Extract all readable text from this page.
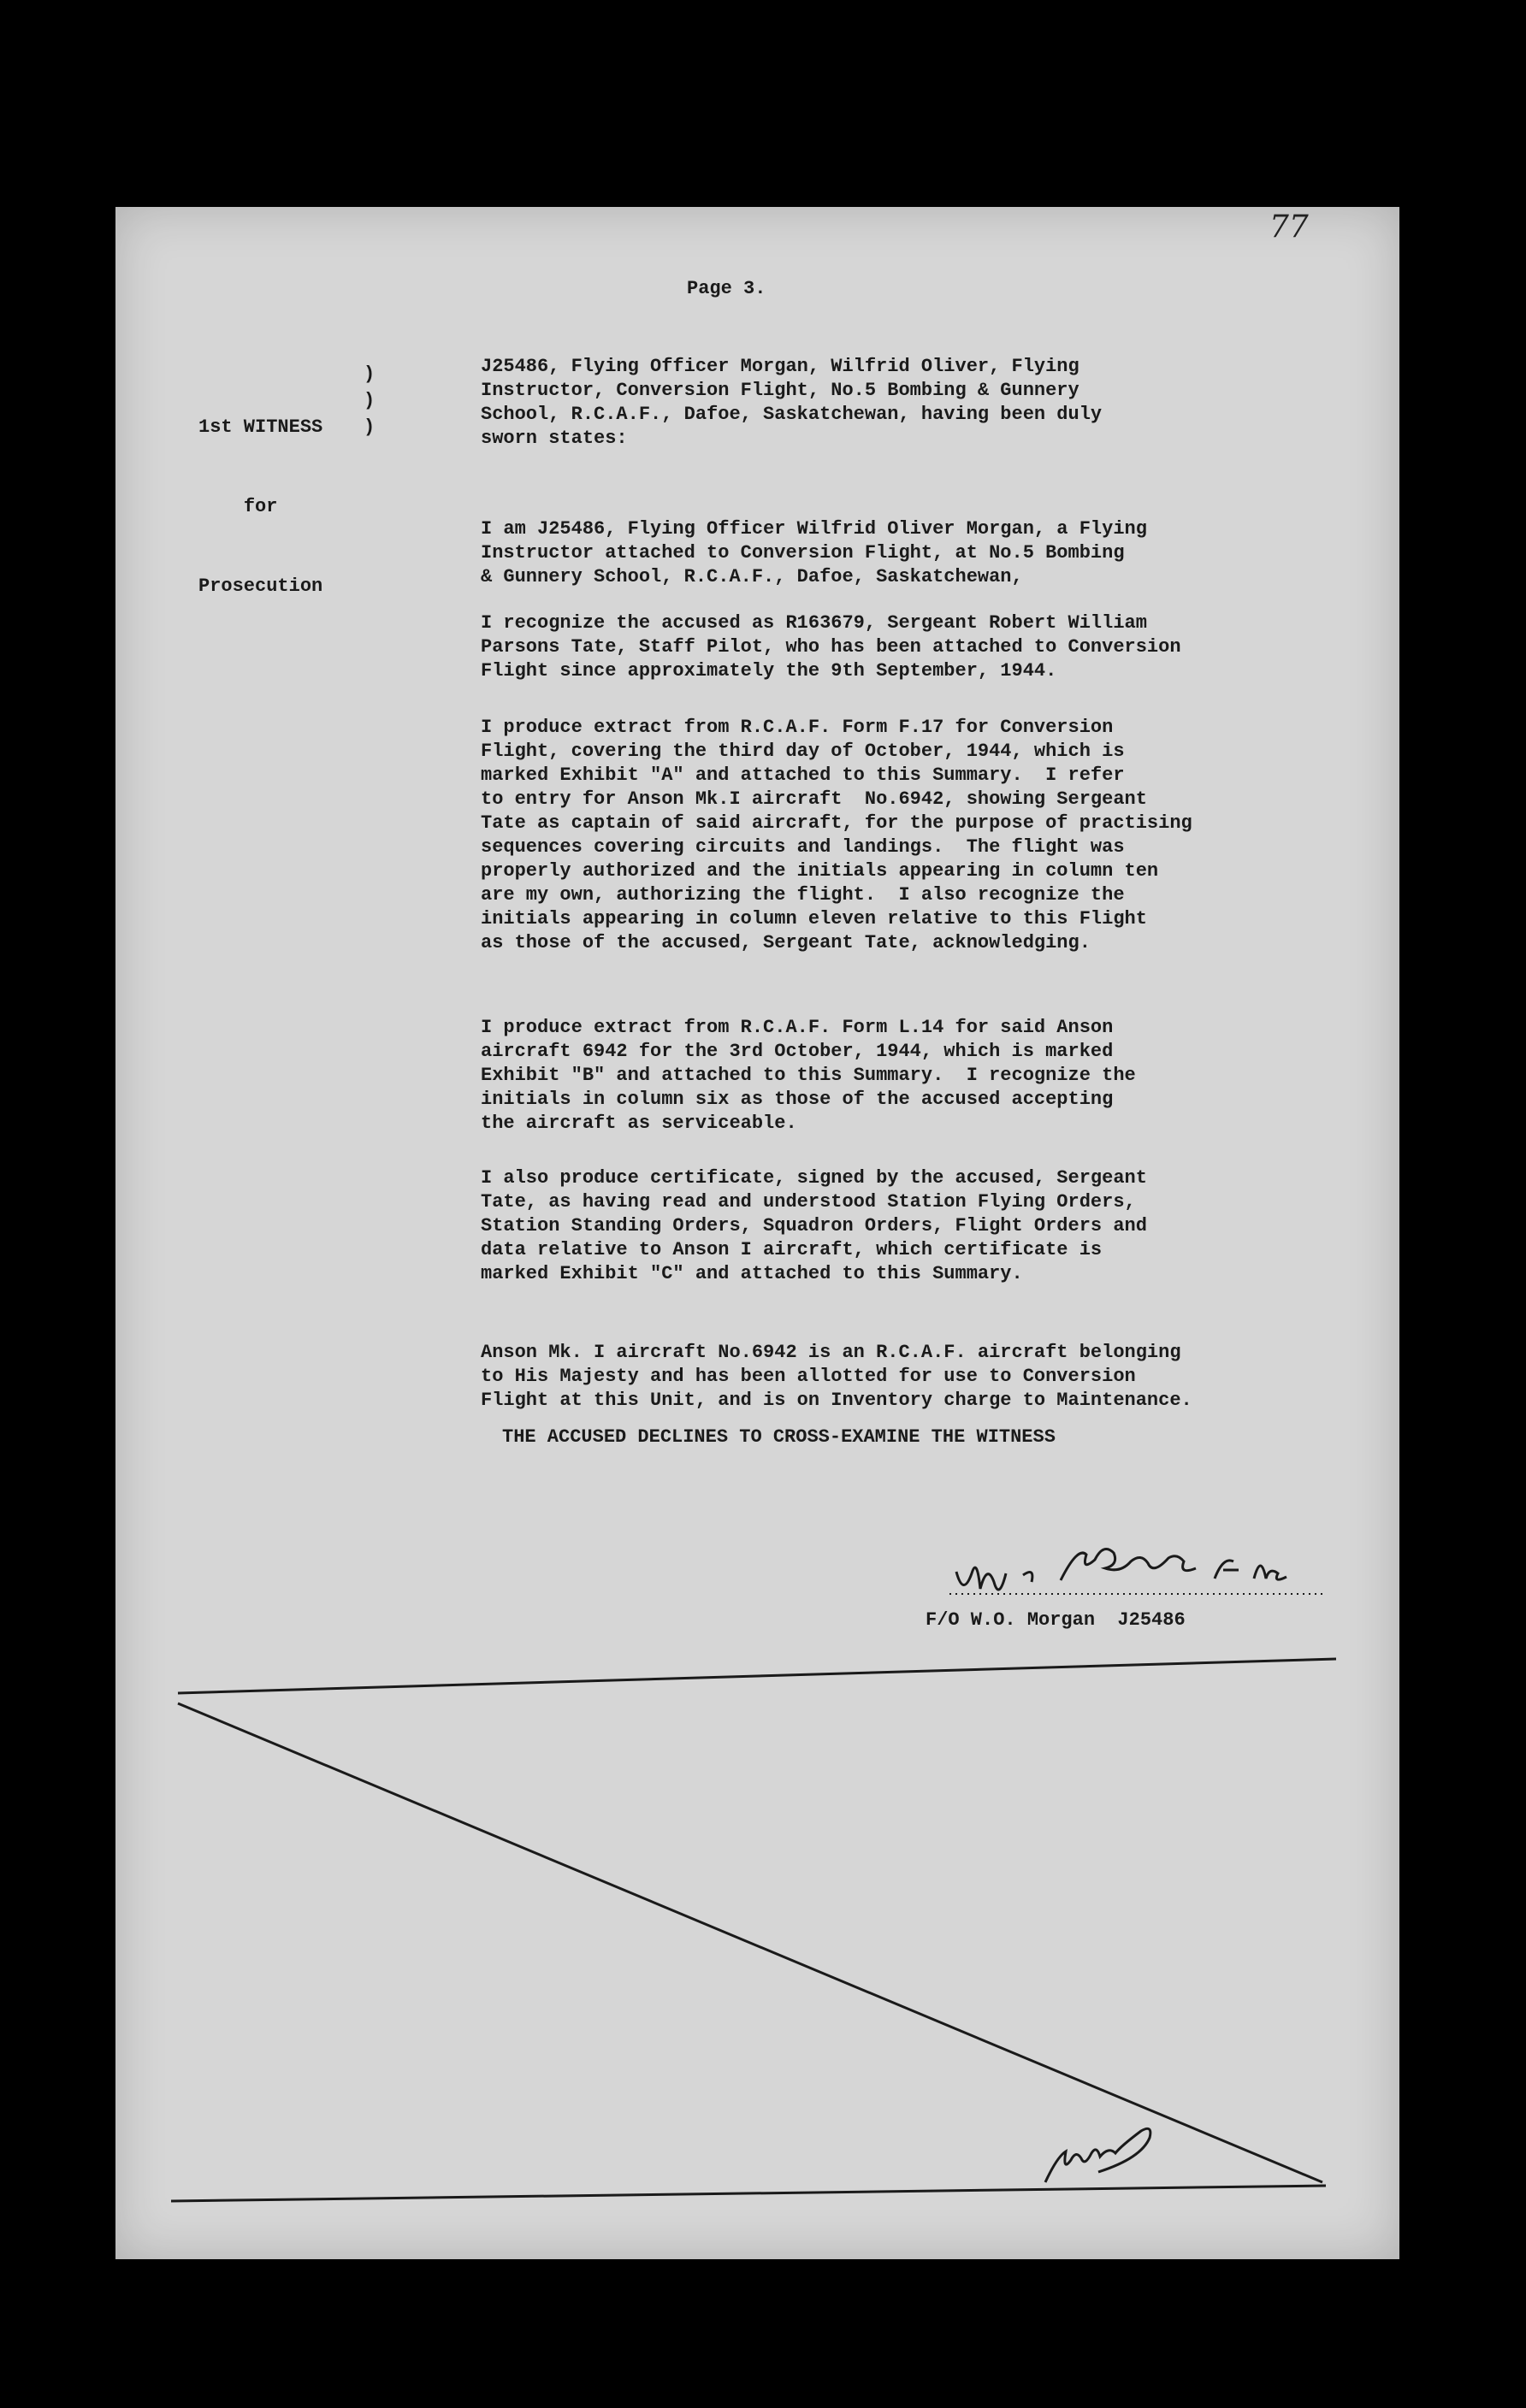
77
Page 3.

1st WITNESS

for

Prosecution

)
)
)
J25486, Flying Officer Morgan, Wilfrid Oliver, Flying
Instructor, Conversion Flight, No.5 Bombing & Gunnery
School, R.C.A.F., Dafoe, Saskatchewan, having been duly
sworn states:
I am J25486, Flying Officer Wilfrid Oliver Morgan, a Flying
Instructor attached to Conversion Flight, at No.5 Bombing
& Gunnery School, R.C.A.F., Dafoe, Saskatchewan,
I recognize the accused as R163679, Sergeant Robert William
Parsons Tate, Staff Pilot, who has been attached to Conversion
Flight since approximately the 9th September, 1944.
I produce extract from R.C.A.F. Form F.17 for Conversion
Flight, covering the third day of October, 1944, which is
marked Exhibit "A" and attached to this Summary.  I refer
to entry for Anson Mk.I aircraft  No.6942, showing Sergeant
Tate as captain of said aircraft, for the purpose of practising
sequences covering circuits and landings.  The flight was
properly authorized and the initials appearing in column ten
are my own, authorizing the flight.  I also recognize the
initials appearing in column eleven relative to this Flight
as those of the accused, Sergeant Tate, acknowledging.
I produce extract from R.C.A.F. Form L.14 for said Anson
aircraft 6942 for the 3rd October, 1944, which is marked
Exhibit "B" and attached to this Summary.  I recognize the
initials in column six as those of the accused accepting
the aircraft as serviceable.
I also produce certificate, signed by the accused, Sergeant
Tate, as having read and understood Station Flying Orders,
Station Standing Orders, Squadron Orders, Flight Orders and
data relative to Anson I aircraft, which certificate is
marked Exhibit "C" and attached to this Summary.
Anson Mk. I aircraft No.6942 is an R.C.A.F. aircraft belonging
to His Majesty and has been allotted for use to Conversion
Flight at this Unit, and is on Inventory charge to Maintenance.
THE ACCUSED DECLINES TO CROSS-EXAMINE THE WITNESS
F/O W.O. Morgan  J25486
